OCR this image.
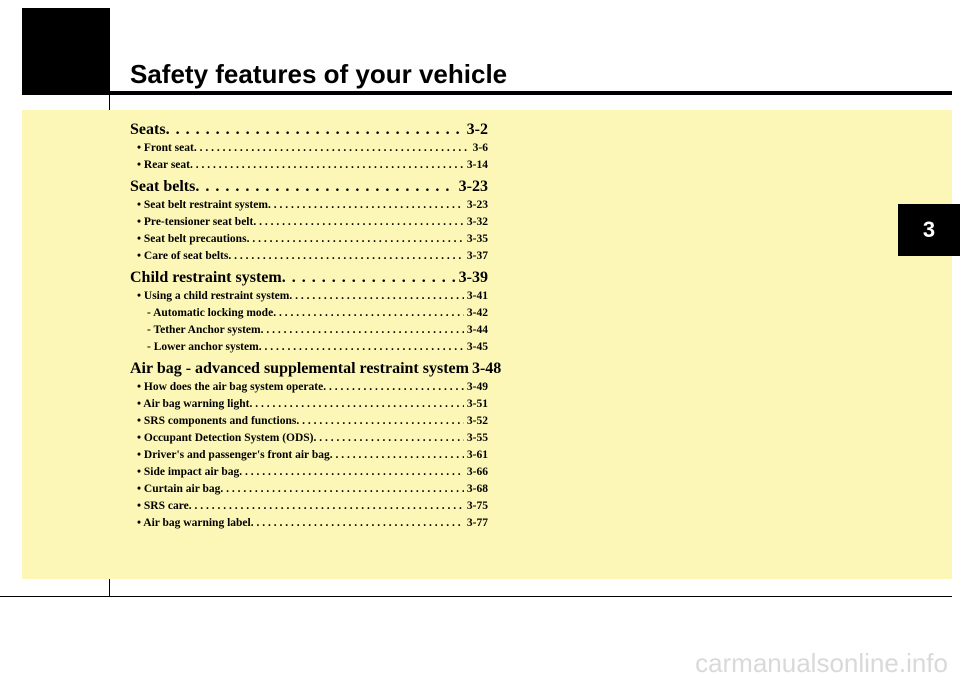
Safety features of your vehicle
3
Seats . . .	3-2
• Front seat . . .	3-6
• Rear seat . . .	3-14
Seat belts . . .	3-23
• Seat belt restraint system . . .	3-23
• Pre-tensioner seat belt . . .	3-32
• Seat belt precautions . . .	3-35
• Care of seat belts . . .	3-37
Child restraint system . . .	3-39
• Using a child restraint system . . .	3-41
- Automatic locking mode . . .	3-42
- Tether Anchor system . . .	3-44
- Lower anchor system . . .	3-45
Air bag - advanced supplemental restraint system 3-48
• How does the air bag system operate . . .	3-49
• Air bag warning light . . .	3-51
• SRS components and functions . . .	3-52
• Occupant Detection System (ODS) . . .	3-55
• Driver's and passenger's front air bag . . .	3-61
• Side impact air bag . . .	3-66
• Curtain air bag . . .	3-68
• SRS care . . .	3-75
• Air bag warning label . . .	3-77
carmanualsonline.info
